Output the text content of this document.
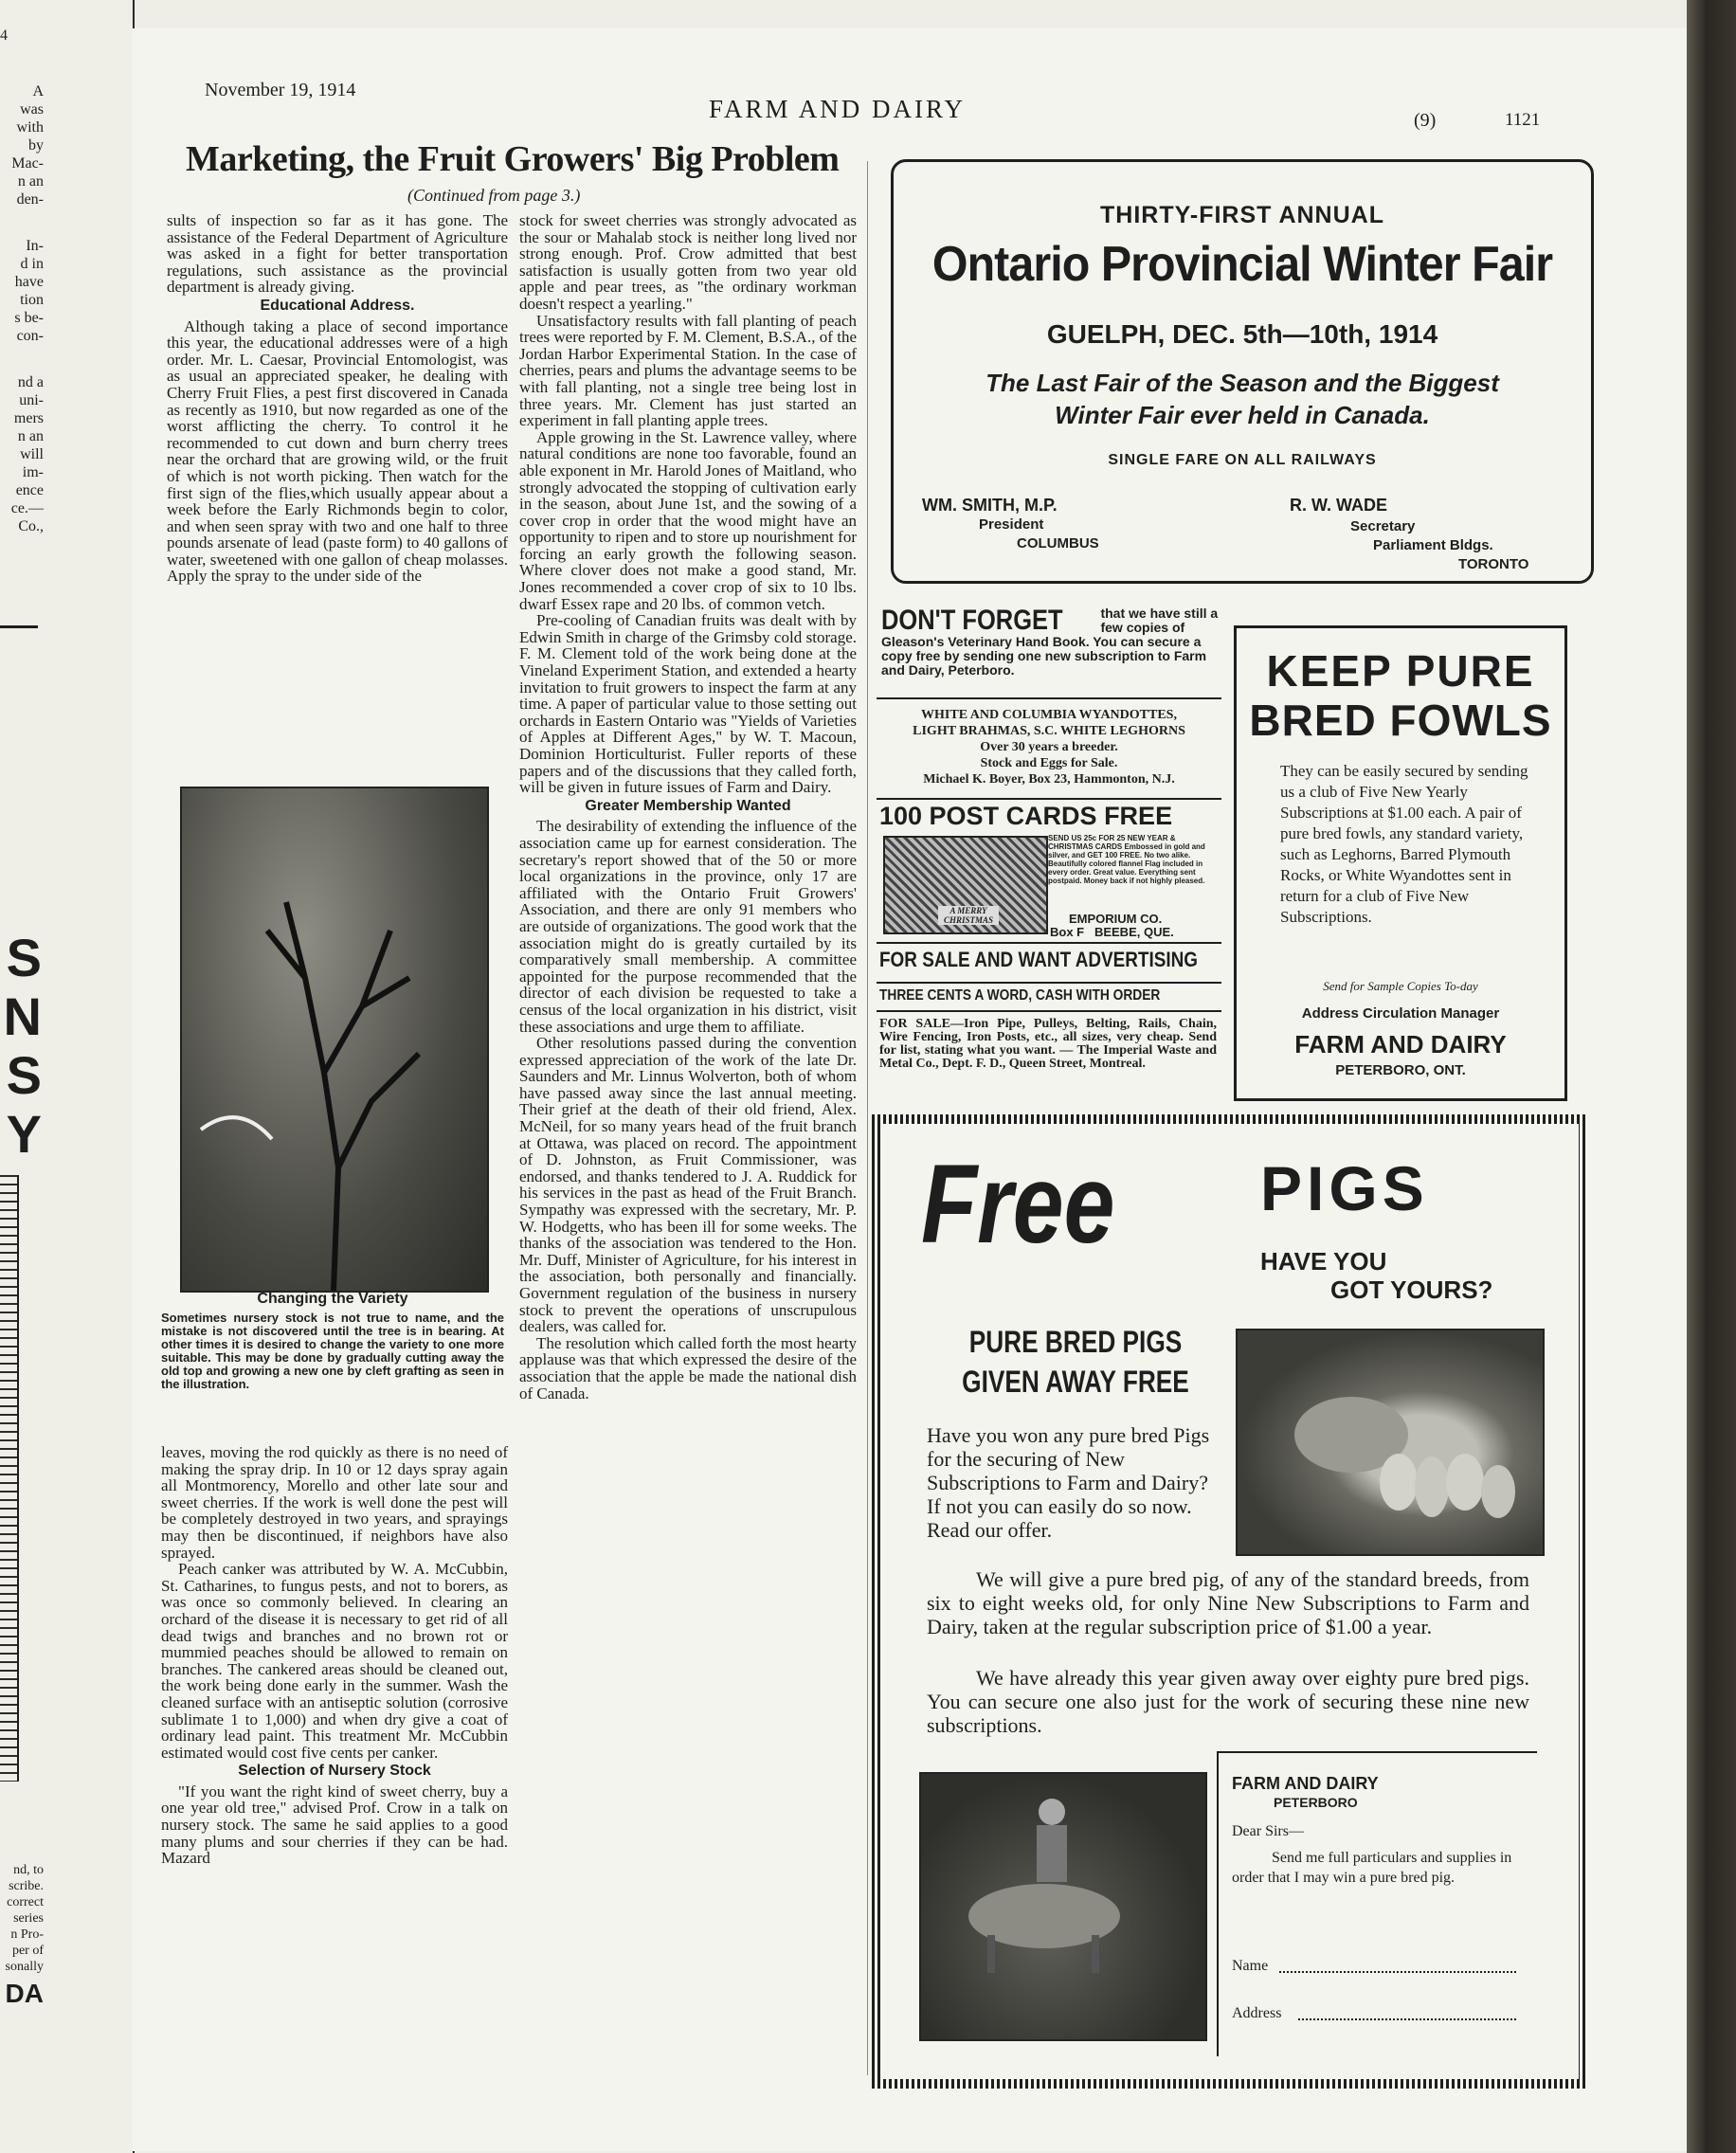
4
A
was
with
by
Mac-
n an
den-
In-
d in
have
tion
s be-
con-
nd a
uni-
mers
n an
will
im-
ence
ce.—
Co.,
S
N
S
Y
nd, to
scribe.
correct
series
n Pro-
per of
sonally
DA
November 19, 1914
FARM AND DAIRY	(9)	1121
Marketing, the Fruit Growers' Big Problem
(Continued from page 3.)
sults of inspection so far as it has gone. The assistance of the Federal Department of Agriculture was asked in a fight for better transportation regulations, such assistance as the provincial department is already giving.
Educational Address.

Although taking a place of second importance this year, the educational addresses were of a high order. Mr. L. Caesar, Provincial Entomologist, was as usual an appreciated speaker, he dealing with Cherry Fruit Flies, a pest first discovered in Canada as recently as 1910, but now regarded as one of the worst afflicting the cherry. To control it he recommended to cut down and burn cherry trees near the orchard that are growing wild, or the fruit of which is not worth picking. Then watch for the first sign of the flies,which usually appear about a week before the Early Richmonds begin to color, and when seen spray with two and one half to three pounds arsenate of lead (paste form) to 40 gallons of water, sweetened with one gallon of cheap molasses. Apply the spray to the under side of the

Changing the Variety
Sometimes nursery stock is not true to name, and the mistake is not discovered until the tree is in bearing. At other times it is desired to change the variety to one more suitable. This may be done by gradually cutting away the old top and growing a new one by cleft grafting as seen in the illustration.
leaves, moving the rod quickly as there is no need of making the spray drip. In 10 or 12 days spray again all Montmorency, Morello and other late sour and sweet cherries. If the work is well done the pest will be completely destroyed in two years, and sprayings may then be discontinued, if neighbors have also sprayed.

Peach canker was attributed by W. A. McCubbin, St. Catharines, to fungus pests, and not to borers, as was once so commonly believed. In clearing an orchard of the disease it is necessary to get rid of all dead twigs and branches and no brown rot or mummied peaches should be allowed to remain on branches. The cankered areas should be cleaned out, the work being done early in the summer. Wash the cleaned surface with an antiseptic solution (corrosive sublimate 1 to 1,000) and when dry give a coat of ordinary lead paint. This treatment Mr. McCubbin estimated would cost five cents per canker.

Selection of Nursery Stock

"If you want the right kind of sweet cherry, buy a one year old tree," advised Prof. Crow in a talk on nursery stock. The same he said applies to a good many plums and sour cherries if they can be had. Mazard

stock for sweet cherries was strongly advocated as the sour or Mahalab stock is neither long lived nor strong enough. Prof. Crow admitted that best satisfaction is usually gotten from two year old apple and pear trees, as "the ordinary workman doesn't respect a yearling."

Unsatisfactory results with fall planting of peach trees were reported by F. M. Clement, B.S.A., of the Jordan Harbor Experimental Station. In the case of cherries, pears and plums the advantage seems to be with fall planting, not a single tree being lost in three years. Mr. Clement has just started an experiment in fall planting apple trees.

Apple growing in the St. Lawrence valley, where natural conditions are none too favorable, found an able exponent in Mr. Harold Jones of Maitland, who strongly advocated the stopping of cultivation early in the season, about June 1st, and the sowing of a cover crop in order that the wood might have an opportunity to ripen and to store up nourishment for forcing an early growth the following season. Where clover does not make a good stand, Mr. Jones recommended a cover crop of six to 10 lbs. dwarf Essex rape and 20 lbs. of common vetch.

Pre-cooling of Canadian fruits was dealt with by Edwin Smith in charge of the Grimsby cold storage. F. M. Clement told of the work being done at the Vineland Experiment Station, and extended a hearty invitation to fruit growers to inspect the farm at any time. A paper of particular value to those setting out orchards in Eastern Ontario was "Yields of Varieties of Apples at Different Ages," by W. T. Macoun, Dominion Horticulturist. Fuller reports of these papers and of the discussions that they called forth, will be given in future issues of Farm and Dairy.

Greater Membership Wanted

The desirability of extending the influence of the association came up for earnest consideration. The secretary's report showed that of the 50 or more local organizations in the province, only 17 are affiliated with the Ontario Fruit Growers' Association, and there are only 91 members who are outside of organizations. The good work that the association might do is greatly curtailed by its comparatively small membership. A committee appointed for the purpose recommended that the director of each division be requested to take a census of the local organization in his district, visit these associations and urge them to affiliate.

Other resolutions passed during the convention expressed appreciation of the work of the late Dr. Saunders and Mr. Linnus Wolverton, both of whom have passed away since the last annual meeting. Their grief at the death of their old friend, Alex. McNeil, for so many years head of the fruit branch at Ottawa, was placed on record. The appointment of D. Johnston, as Fruit Commissioner, was endorsed, and thanks tendered to J. A. Ruddick for his services in the past as head of the Fruit Branch. Sympathy was expressed with the secretary, Mr. P. W. Hodgetts, who has been ill for some weeks. The thanks of the association was tendered to the Hon. Mr. Duff, Minister of Agriculture, for his interest in the association, both personally and financially. Government regulation of the business in nursery stock to prevent the operations of unscrupulous dealers, was called for.

The resolution which called forth the most hearty applause was that which expressed the desire of the association that the apple be made the national dish of Canada.

THIRTY-FIRST ANNUAL
Ontario Provincial Winter Fair
GUELPH, DEC. 5th—10th, 1914
The Last Fair of the Season and the Biggest
Winter Fair ever held in Canada.
SINGLE FARE ON ALL RAILWAYS
WM. SMITH, M.P.
President
COLUMBUS
R. W. WADE
Secretary
Parliament Bldgs.
TORONTO
DON'T FORGET	that we have still a few copies of Gleason's Veterinary Hand Book. You can secure a copy free by sending one new subscription to Farm and Dairy, Peterboro.
WHITE AND COLUMBIA WYANDOTTES,
LIGHT BRAHMAS, S.C. WHITE LEGHORNS
Over 30 years a breeder.
Stock and Eggs for Sale.
Michael K. Boyer, Box 23, Hammonton, N.J.
100 POST CARDS FREE
A MERRY CHRISTMAS
SEND US 25c FOR 25 NEW YEAR & CHRISTMAS CARDS Embossed in gold and silver, and GET 100 FREE. No two alike. Beautifully colored flannel Flag included in every order. Great value. Everything sent postpaid. Money back if not highly pleased.
EMPORIUM CO.
Box F   BEEBE, QUE.
FOR SALE AND WANT ADVERTISING
THREE CENTS A WORD, CASH WITH ORDER
FOR SALE—Iron Pipe, Pulleys, Belting, Rails, Chain, Wire Fencing, Iron Posts, etc., all sizes, very cheap. Send for list, stating what you want. — The Imperial Waste and Metal Co., Dept. F. D., Queen Street, Montreal.
KEEP PURE
BRED FOWLS
They can be easily secured by sending us a club of Five New Yearly Subscriptions at $1.00 each. A pair of pure bred fowls, any standard variety, such as Leghorns, Barred Plymouth Rocks, or White Wyandottes sent in return for a club of Five New Subscriptions.
Send for Sample Copies To-day
Address Circulation Manager
FARM AND DAIRY
PETERBORO, ONT.
Free PIGS
HAVE YOU
GOT YOURS?
PURE BRED PIGS
GIVEN AWAY FREE
Have you won any pure bred Pigs for the securing of New Subscriptions to Farm and Dairy? If not you can easily do so now. Read our offer.
We will give a pure bred pig, of any of the standard breeds, from six to eight weeks old, for only Nine New Subscriptions to Farm and Dairy, taken at the regular subscription price of $1.00 a year.
We have already this year given away over eighty pure bred pigs. You can secure one also just for the work of securing these nine new subscriptions.
FARM AND DAIRY
PETERBORO
Dear Sirs—
Send me full particulars and supplies in order that I may win a pure bred pig.
Name
Address
